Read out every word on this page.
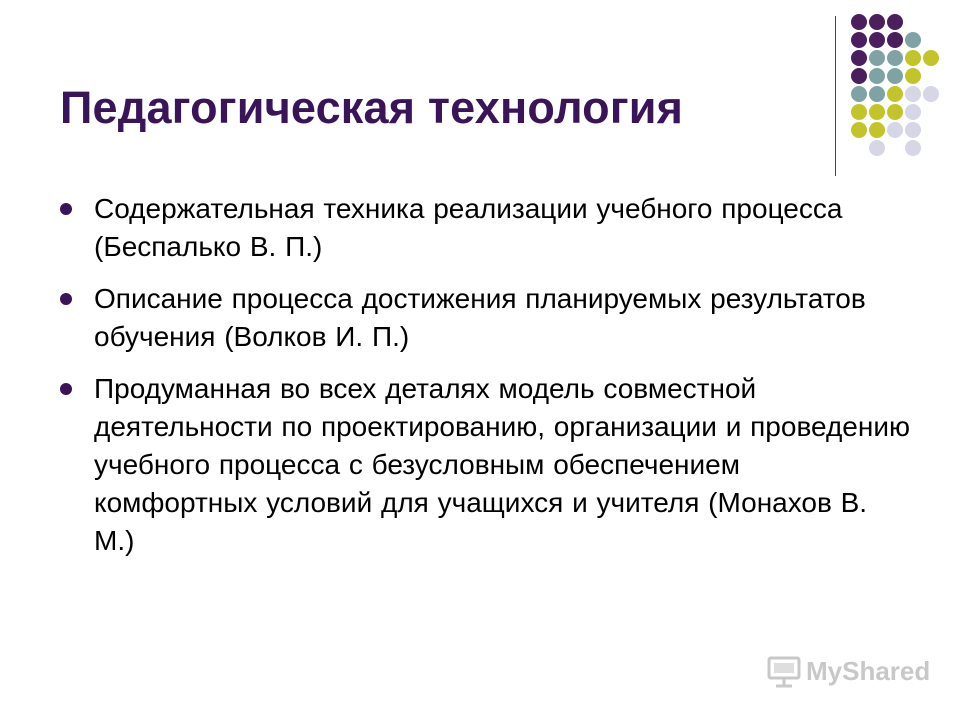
Педагогическая технология
Содержательная техника реализации учебного процесса (Беспалько В. П.)
Описание процесса достижения планируемых результатов обучения (Волков И. П.)
Продуманная во всех деталях модель совместной деятельности по проектированию, организации и проведению учебного процесса с безусловным обеспечением комфортных условий для учащихся и учителя (Монахов В. М.)
MyShared
